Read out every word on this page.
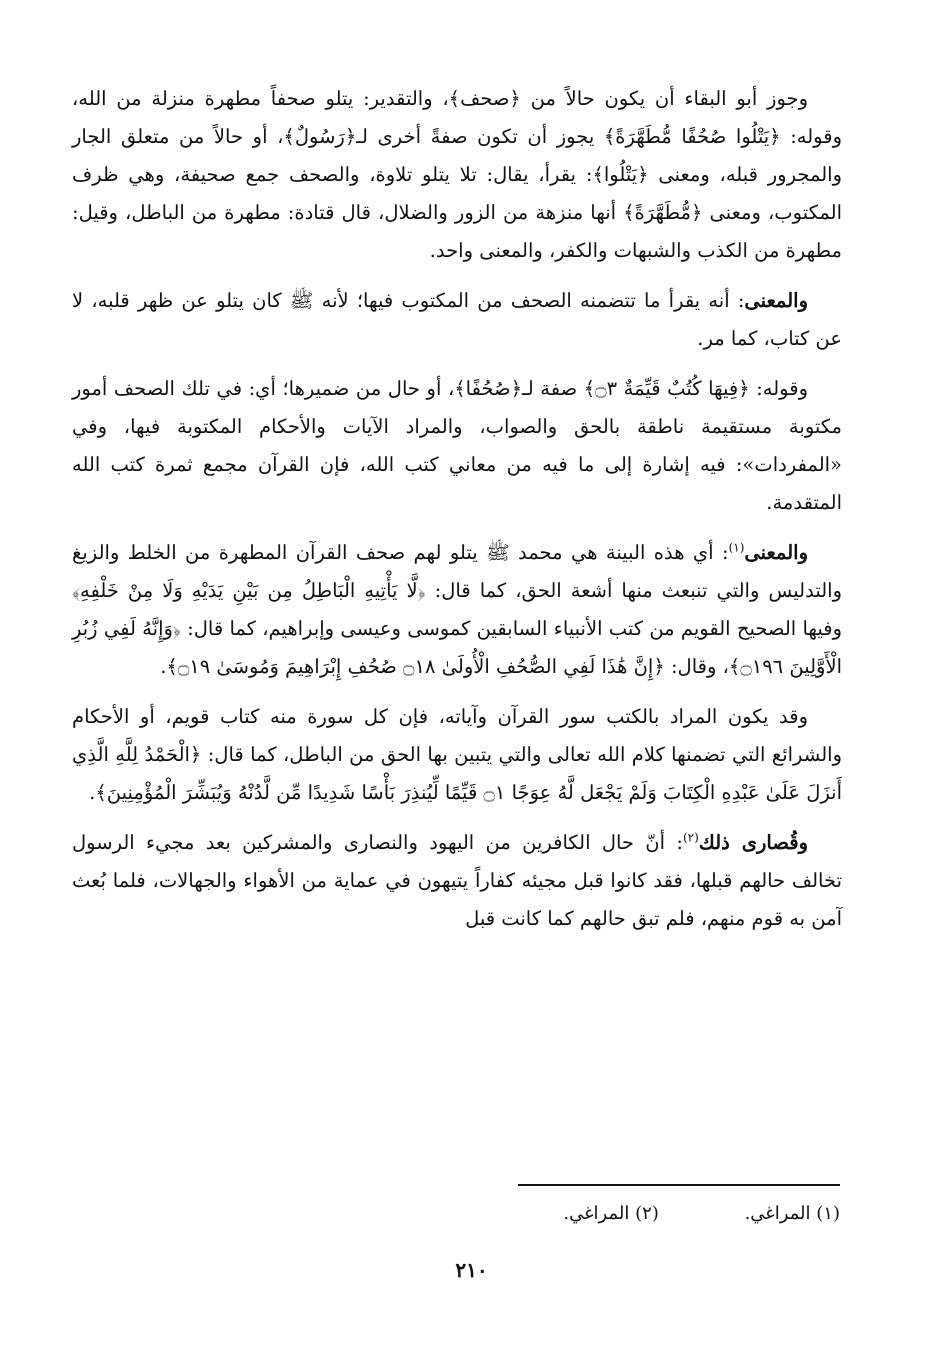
وجوز أبو البقاء أن يكون حالاً من ﴿صحف﴾، والتقدير: يتلو صحفاً مطهرة منزلة من الله، وقوله: ﴿يَتْلُوا صُحُفًا مُّطَهَّرَةً﴾ يجوز أن تكون صفةً أخرى لـ﴿رَسُولٌ﴾، أو حالاً من متعلق الجار والمجرور قبله، ومعنى ﴿يَتْلُوا﴾: يقرأ، يقال: تلا يتلو تلاوة، والصحف جمع صحيفة، وهي ظرف المكتوب، ومعنى ﴿مُّطَهَّرَةً﴾ أنها منزهة من الزور والضلال، قال قتادة: مطهرة من الباطل، وقيل: مطهرة من الكذب والشبهات والكفر، والمعنى واحد.

والمعنى: أنه يقرأ ما تتضمنه الصحف من المكتوب فيها؛ لأنه ﷺ كان يتلو عن ظهر قلبه، لا عن كتاب، كما مر.

وقوله: ﴿فِيهَا كُتُبٌ قَيِّمَةٌ ۝٣﴾ صفة لـ﴿صُحُفًا﴾، أو حال من ضميرها؛ أي: في تلك الصحف أمور مكتوبة مستقيمة ناطقة بالحق والصواب، والمراد الآيات والأحكام المكتوبة فيها، وفي «المفردات»: فيه إشارة إلى ما فيه من معاني كتب الله، فإن القرآن مجمع ثمرة كتب الله المتقدمة.

والمعنى$^{(١)}$: أي هذه البينة هي محمد ﷺ يتلو لهم صحف القرآن المطهرة من الخلط والزيغ والتدليس والتي تنبعث منها أشعة الحق، كما قال: ﴿لَّا يَأْتِيهِ الْبَاطِلُ مِن بَيْنِ يَدَيْهِ وَلَا مِنْ خَلْفِهِ﴾ وفيها الصحيح القويم من كتب الأنبياء السابقين كموسى وعيسى وإبراهيم، كما قال: ﴿وَإِنَّهُ لَفِي زُبُرِ الْأَوَّلِينَ ۝١٩٦﴾، وقال: ﴿إِنَّ هَٰذَا لَفِي الصُّحُفِ الْأُولَىٰ ۝١٨ صُحُفِ إِبْرَاهِيمَ وَمُوسَىٰ ۝١٩﴾.

وقد يكون المراد بالكتب سور القرآن وآياته، فإن كل سورة منه كتاب قويم، أو الأحكام والشرائع التي تضمنها كلام الله تعالى والتي يتبين بها الحق من الباطل، كما قال: ﴿الْحَمْدُ لِلَّهِ الَّذِي أَنزَلَ عَلَىٰ عَبْدِهِ الْكِتَابَ وَلَمْ يَجْعَل لَّهُ عِوَجًا ۝١ قَيِّمًا لِّيُنذِرَ بَأْسًا شَدِيدًا مِّن لَّدُنْهُ وَيُبَشِّرَ الْمُؤْمِنِينَ﴾.

وقُصارى ذلك$^{(٢)}$: أنّ حال الكافرين من اليهود والنصارى والمشركين بعد مجيء الرسول تخالف حالهم قبلها، فقد كانوا قبل مجيئه كفاراً يتيهون في عماية من الأهواء والجهالات، فلما بُعث آمن به قوم منهم، فلم تبق حالهم كما كانت قبل

(١) المراغي. (٢) المراغي.
٢١٠
